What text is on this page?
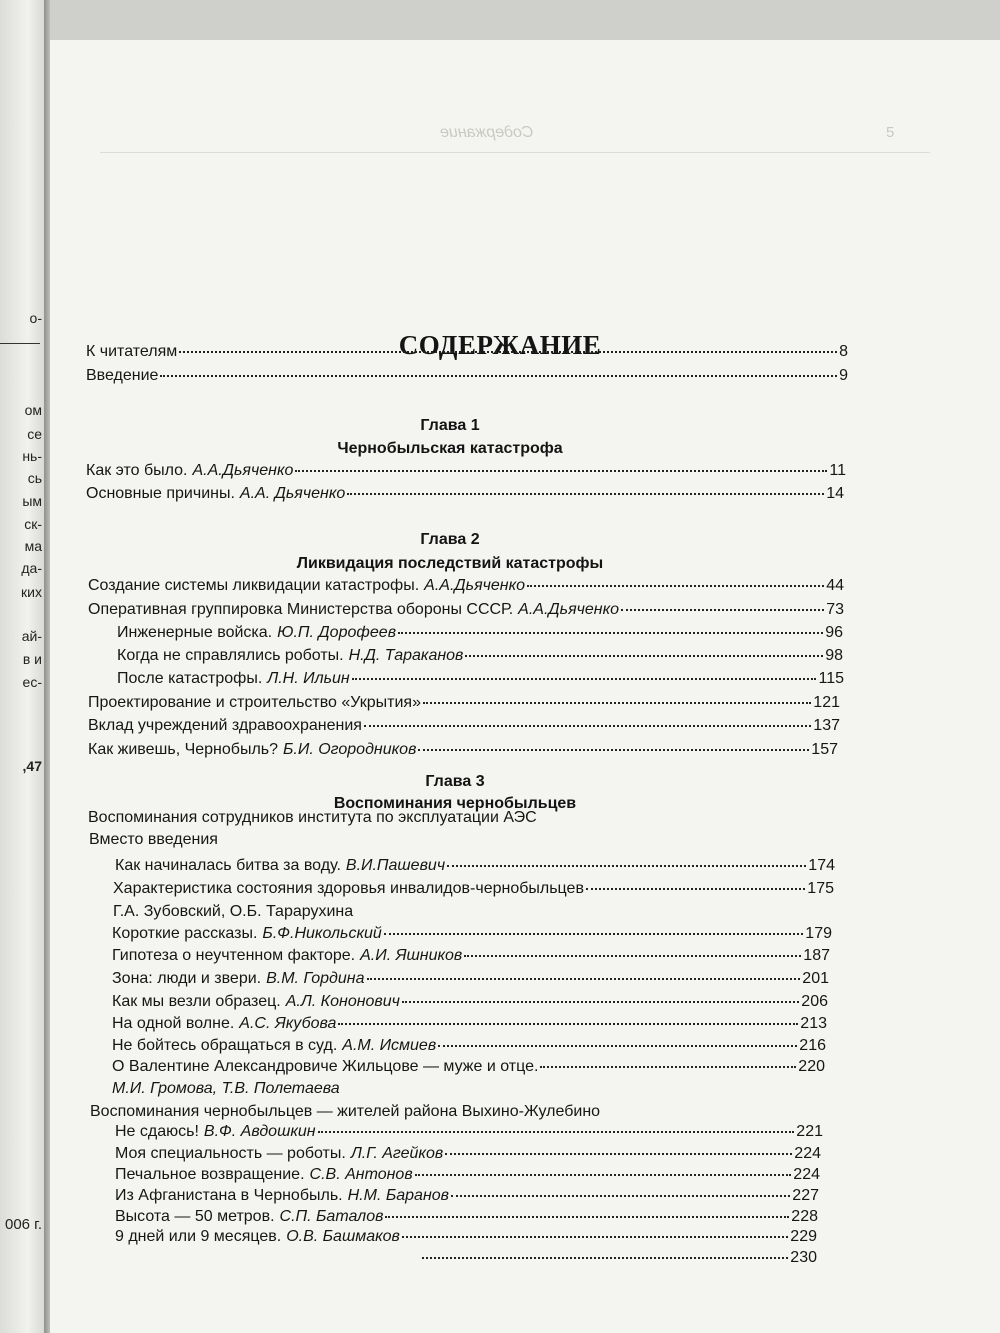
о-
ом
се
нь-
сь
ым
ск-
ма
да-
ких
ай-
в и
ес-
,47
006 г.
Содержание	5
СОДЕРЖАНИЕ
К читателям	8
Введение	9
Глава 1
Чернобыльская катастрофа
Как это было. А.А.Дьяченко	11
Основные причины. А.А. Дьяченко	14
Глава 2
Ликвидация последствий катастрофы
Создание системы ликвидации катастрофы. А.А.Дьяченко	44
Оперативная группировка Министерства обороны СССР. А.А.Дьяченко	73
Инженерные войска. Ю.П. Дорофеев	96
Когда не справлялись роботы. Н.Д. Тараканов	98
После катастрофы. Л.Н. Ильин	115
Проектирование и строительство «Укрытия»	121
Вклад учреждений здравоохранения	137
Как живешь, Чернобыль? Б.И. Огородников	157
Глава 3
Воспоминания чернобыльцев
Воспоминания сотрудников института по эксплуатации АЭС
Вместо введения
Как начиналась битва за воду. В.И.Пашевич	174
Характеристика состояния здоровья инвалидов-чернобыльцев	175
Г.А. Зубовский, О.Б. Тарарухина
Короткие рассказы. Б.Ф.Никольский	179
Гипотеза о неучтенном факторе. А.И. Яшников	187
Зона: люди и звери. В.М. Гордина	201
Как мы везли образец. А.Л. Кононович	206
На одной волне. А.С. Якубова	213
Не бойтесь обращаться в суд. А.М. Исмиев	216
О Валентине Александровиче Жильцове — муже и отце.	220
М.И. Громова, Т.В. Полетаева
Воспоминания чернобыльцев — жителей района Выхино-Жулебино
Не сдаюсь! В.Ф. Авдошкин	221
Моя специальность — роботы. Л.Г. Агейков	224
Печальное возвращение. С.В. Антонов	224
Из Афганистана в Чернобыль. Н.М. Баранов	227
Высота — 50 метров. С.П. Баталов	228
9 дней или 9 месяцев. О.В. Башмаков	229
230
